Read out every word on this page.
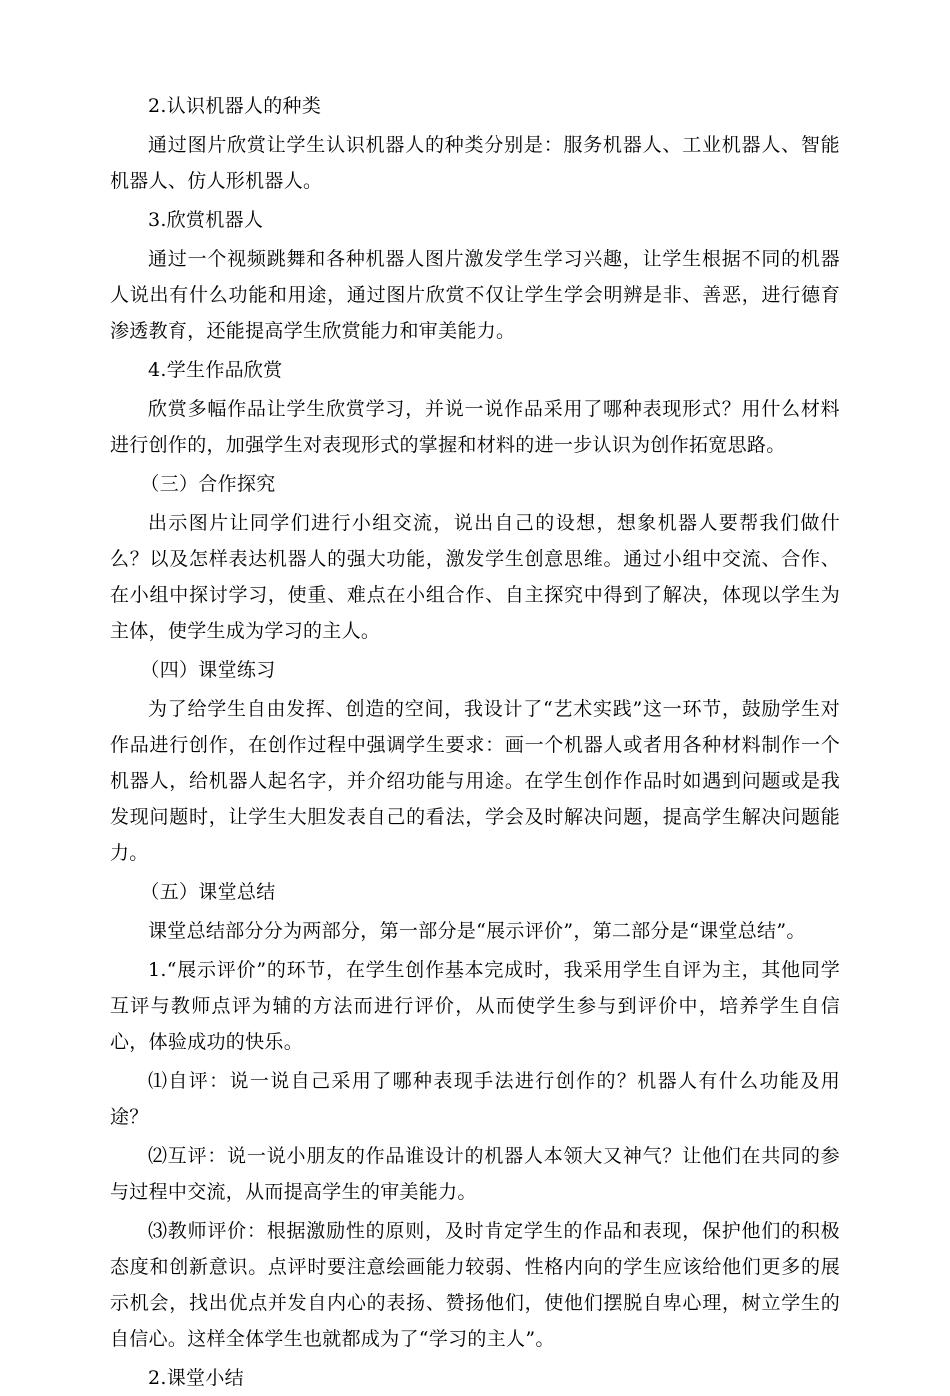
2.认识机器人的种类

通过图片欣赏让学生认识机器人的种类分别是：服务机器人、工业机器人、智能机器人、仿人形机器人。

3.欣赏机器人

通过一个视频跳舞和各种机器人图片激发学生学习兴趣，让学生根据不同的机器人说出有什么功能和用途，通过图片欣赏不仅让学生学会明辨是非、善恶，进行德育渗透教育，还能提高学生欣赏能力和审美能力。

4.学生作品欣赏

欣赏多幅作品让学生欣赏学习，并说一说作品采用了哪种表现形式？用什么材料进行创作的，加强学生对表现形式的掌握和材料的进一步认识为创作拓宽思路。

（三）合作探究

出示图片让同学们进行小组交流，说出自己的设想，想象机器人要帮我们做什么？以及怎样表达机器人的强大功能，激发学生创意思维。通过小组中交流、合作、在小组中探讨学习，使重、难点在小组合作、自主探究中得到了解决，体现以学生为主体，使学生成为学习的主人。

（四）课堂练习

为了给学生自由发挥、创造的空间，我设计了“艺术实践”这一环节，鼓励学生对作品进行创作，在创作过程中强调学生要求：画一个机器人或者用各种材料制作一个机器人，给机器人起名字，并介绍功能与用途。在学生创作作品时如遇到问题或是我发现问题时，让学生大胆发表自己的看法，学会及时解决问题，提高学生解决问题能力。

（五）课堂总结

课堂总结部分分为两部分，第一部分是“展示评价”，第二部分是“课堂总结”。

1.“展示评价”的环节，在学生创作基本完成时，我采用学生自评为主，其他同学互评与教师点评为辅的方法而进行评价，从而使学生参与到评价中，培养学生自信心，体验成功的快乐。

⑴自评：说一说自己采用了哪种表现手法进行创作的？机器人有什么功能及用途？

⑵互评：说一说小朋友的作品谁设计的机器人本领大又神气？让他们在共同的参与过程中交流，从而提高学生的审美能力。

⑶教师评价：根据激励性的原则，及时肯定学生的作品和表现，保护他们的积极态度和创新意识。点评时要注意绘画能力较弱、性格内向的学生应该给他们更多的展示机会，找出优点并发自内心的表扬、赞扬他们，使他们摆脱自卑心理，树立学生的自信心。这样全体学生也就都成为了“学习的主人”。

2.课堂小结
